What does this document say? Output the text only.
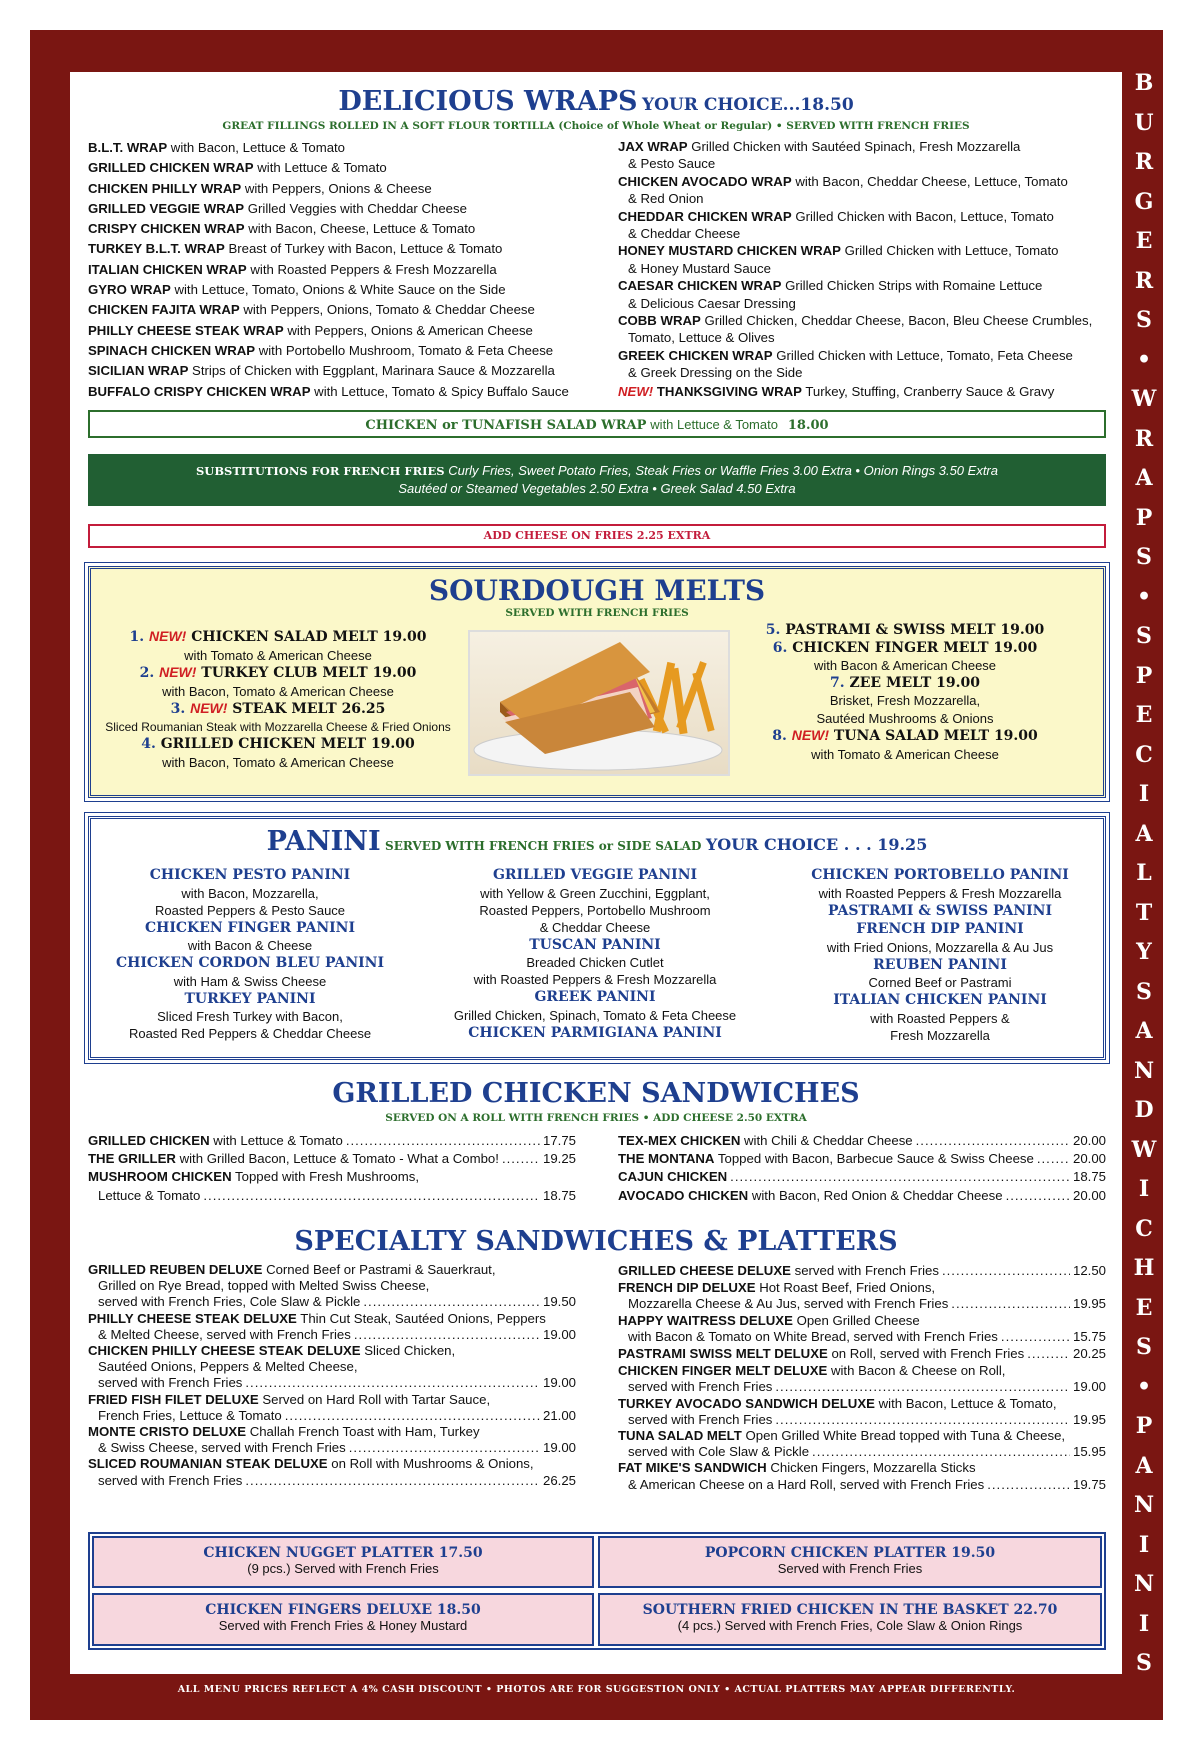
B
U
R
G
E
R
S
•
W
R
A
P
S
•
S
P
E
C
I
A
L
T
Y
S
A
N
D
W
I
C
H
E
S
•
P
A
N
I
N
I
S
DELICIOUS WRAPS YOUR CHOICE...18.50
GREAT FILLINGS ROLLED IN A SOFT FLOUR TORTILLA (Choice of Whole Wheat or Regular) • SERVED WITH FRENCH FRIES
B.L.T. WRAP with Bacon, Lettuce & Tomato
GRILLED CHICKEN WRAP with Lettuce & Tomato
CHICKEN PHILLY WRAP with Peppers, Onions & Cheese
GRILLED VEGGIE WRAP Grilled Veggies with Cheddar Cheese
CRISPY CHICKEN WRAP with Bacon, Cheese, Lettuce & Tomato
TURKEY B.L.T. WRAP Breast of Turkey with Bacon, Lettuce & Tomato
ITALIAN CHICKEN WRAP with Roasted Peppers & Fresh Mozzarella
GYRO WRAP with Lettuce, Tomato, Onions & White Sauce on the Side
CHICKEN FAJITA WRAP with Peppers, Onions, Tomato & Cheddar Cheese
PHILLY CHEESE STEAK WRAP with Peppers, Onions & American Cheese
SPINACH CHICKEN WRAP with Portobello Mushroom, Tomato & Feta Cheese
SICILIAN WRAP Strips of Chicken with Eggplant, Marinara Sauce & Mozzarella
BUFFALO CRISPY CHICKEN WRAP with Lettuce, Tomato & Spicy Buffalo Sauce
JAX WRAP Grilled Chicken with Sautéed Spinach, Fresh Mozzarella
& Pesto Sauce
CHICKEN AVOCADO WRAP with Bacon, Cheddar Cheese, Lettuce, Tomato
& Red Onion
CHEDDAR CHICKEN WRAP Grilled Chicken with Bacon, Lettuce, Tomato
& Cheddar Cheese
HONEY MUSTARD CHICKEN WRAP Grilled Chicken with Lettuce, Tomato
& Honey Mustard Sauce
CAESAR CHICKEN WRAP Grilled Chicken Strips with Romaine Lettuce
& Delicious Caesar Dressing
COBB WRAP Grilled Chicken, Cheddar Cheese, Bacon, Bleu Cheese Crumbles,
Tomato, Lettuce & Olives
GREEK CHICKEN WRAP Grilled Chicken with Lettuce, Tomato, Feta Cheese
& Greek Dressing on the Side
NEW! THANKSGIVING WRAP Turkey, Stuffing, Cranberry Sauce & Gravy
CHICKEN or TUNAFISH SALAD WRAP with Lettuce & Tomato 18.00
SUBSTITUTIONS FOR FRENCH FRIES Curly Fries, Sweet Potato Fries, Steak Fries or Waffle Fries 3.00 Extra • Onion Rings 3.50 Extra
Sautéed or Steamed Vegetables 2.50 Extra • Greek Salad 4.50 Extra
ADD CHEESE ON FRIES 2.25 EXTRA
SOURDOUGH MELTS
SERVED WITH FRENCH FRIES
1. NEW! CHICKEN SALAD MELT 19.00
with Tomato & American Cheese
2. NEW! TURKEY CLUB MELT 19.00
with Bacon, Tomato & American Cheese
3. NEW! STEAK MELT 26.25
Sliced Roumanian Steak with Mozzarella Cheese & Fried Onions
4. GRILLED CHICKEN MELT 19.00
with Bacon, Tomato & American Cheese
5. PASTRAMI & SWISS MELT 19.00
6. CHICKEN FINGER MELT 19.00
with Bacon & American Cheese
7. ZEE MELT 19.00
Brisket, Fresh Mozzarella,
Sautéed Mushrooms & Onions
8. NEW! TUNA SALAD MELT 19.00
with Tomato & American Cheese
PANINI SERVED WITH FRENCH FRIES or SIDE SALAD YOUR CHOICE . . . 19.25
CHICKEN PESTO PANINI
with Bacon, Mozzarella,
Roasted Peppers & Pesto Sauce
CHICKEN FINGER PANINI
with Bacon & Cheese
CHICKEN CORDON BLEU PANINI
with Ham & Swiss Cheese
TURKEY PANINI
Sliced Fresh Turkey with Bacon,
Roasted Red Peppers & Cheddar Cheese
GRILLED VEGGIE PANINI
with Yellow & Green Zucchini, Eggplant,
Roasted Peppers, Portobello Mushroom
& Cheddar Cheese
TUSCAN PANINI
Breaded Chicken Cutlet
with Roasted Peppers & Fresh Mozzarella
GREEK PANINI
Grilled Chicken, Spinach, Tomato & Feta Cheese
CHICKEN PARMIGIANA PANINI
CHICKEN PORTOBELLO PANINI
with Roasted Peppers & Fresh Mozzarella
PASTRAMI & SWISS PANINI
FRENCH DIP PANINI
with Fried Onions, Mozzarella & Au Jus
REUBEN PANINI
Corned Beef or Pastrami
ITALIAN CHICKEN PANINI
with Roasted Peppers &
Fresh Mozzarella
GRILLED CHICKEN SANDWICHES
SERVED ON A ROLL WITH FRENCH FRIES • ADD CHEESE 2.50 EXTRA
GRILLED CHICKEN with Lettuce & Tomato .....	17.75
THE GRILLER with Grilled Bacon, Lettuce & Tomato - What a Combo! .....	19.25
MUSHROOM CHICKEN Topped with Fresh Mushrooms,
Lettuce & Tomato .....	18.75
TEX-MEX CHICKEN with Chili & Cheddar Cheese .....	20.00
THE MONTANA Topped with Bacon, Barbecue Sauce & Swiss Cheese .....	20.00
CAJUN CHICKEN .....	18.75
AVOCADO CHICKEN with Bacon, Red Onion & Cheddar Cheese .....	20.00
SPECIALTY SANDWICHES & PLATTERS
GRILLED REUBEN DELUXE Corned Beef or Pastrami & Sauerkraut,
Grilled on Rye Bread, topped with Melted Swiss Cheese,
served with French Fries, Cole Slaw & Pickle .....	19.50
PHILLY CHEESE STEAK DELUXE Thin Cut Steak, Sautéed Onions, Peppers
& Melted Cheese, served with French Fries .....	19.00
CHICKEN PHILLY CHEESE STEAK DELUXE Sliced Chicken,
Sautéed Onions, Peppers & Melted Cheese,
served with French Fries .....	19.00
FRIED FISH FILET DELUXE Served on Hard Roll with Tartar Sauce,
French Fries, Lettuce & Tomato .....	21.00
MONTE CRISTO DELUXE Challah French Toast with Ham, Turkey
& Swiss Cheese, served with French Fries .....	19.00
SLICED ROUMANIAN STEAK DELUXE on Roll with Mushrooms & Onions,
served with French Fries .....	26.25
GRILLED CHEESE DELUXE served with French Fries .....	12.50
FRENCH DIP DELUXE Hot Roast Beef, Fried Onions,
Mozzarella Cheese & Au Jus, served with French Fries .....	19.95
HAPPY WAITRESS DELUXE Open Grilled Cheese
with Bacon & Tomato on White Bread, served with French Fries .....	15.75
PASTRAMI SWISS MELT DELUXE on Roll, served with French Fries .....	20.25
CHICKEN FINGER MELT DELUXE with Bacon & Cheese on Roll,
served with French Fries .....	19.00
TURKEY AVOCADO SANDWICH DELUXE with Bacon, Lettuce & Tomato,
served with French Fries .....	19.95
TUNA SALAD MELT Open Grilled White Bread topped with Tuna & Cheese,
served with Cole Slaw & Pickle .....	15.95
FAT MIKE'S SANDWICH Chicken Fingers, Mozzarella Sticks
& American Cheese on a Hard Roll, served with French Fries .....	19.75
CHICKEN NUGGET PLATTER 17.50
(9 pcs.) Served with French Fries
POPCORN CHICKEN PLATTER 19.50
Served with French Fries
CHICKEN FINGERS DELUXE 18.50
Served with French Fries & Honey Mustard
SOUTHERN FRIED CHICKEN IN THE BASKET 22.70
(4 pcs.) Served with French Fries, Cole Slaw & Onion Rings
ALL MENU PRICES REFLECT A 4% CASH DISCOUNT • PHOTOS ARE FOR SUGGESTION ONLY • ACTUAL PLATTERS MAY APPEAR DIFFERENTLY.
